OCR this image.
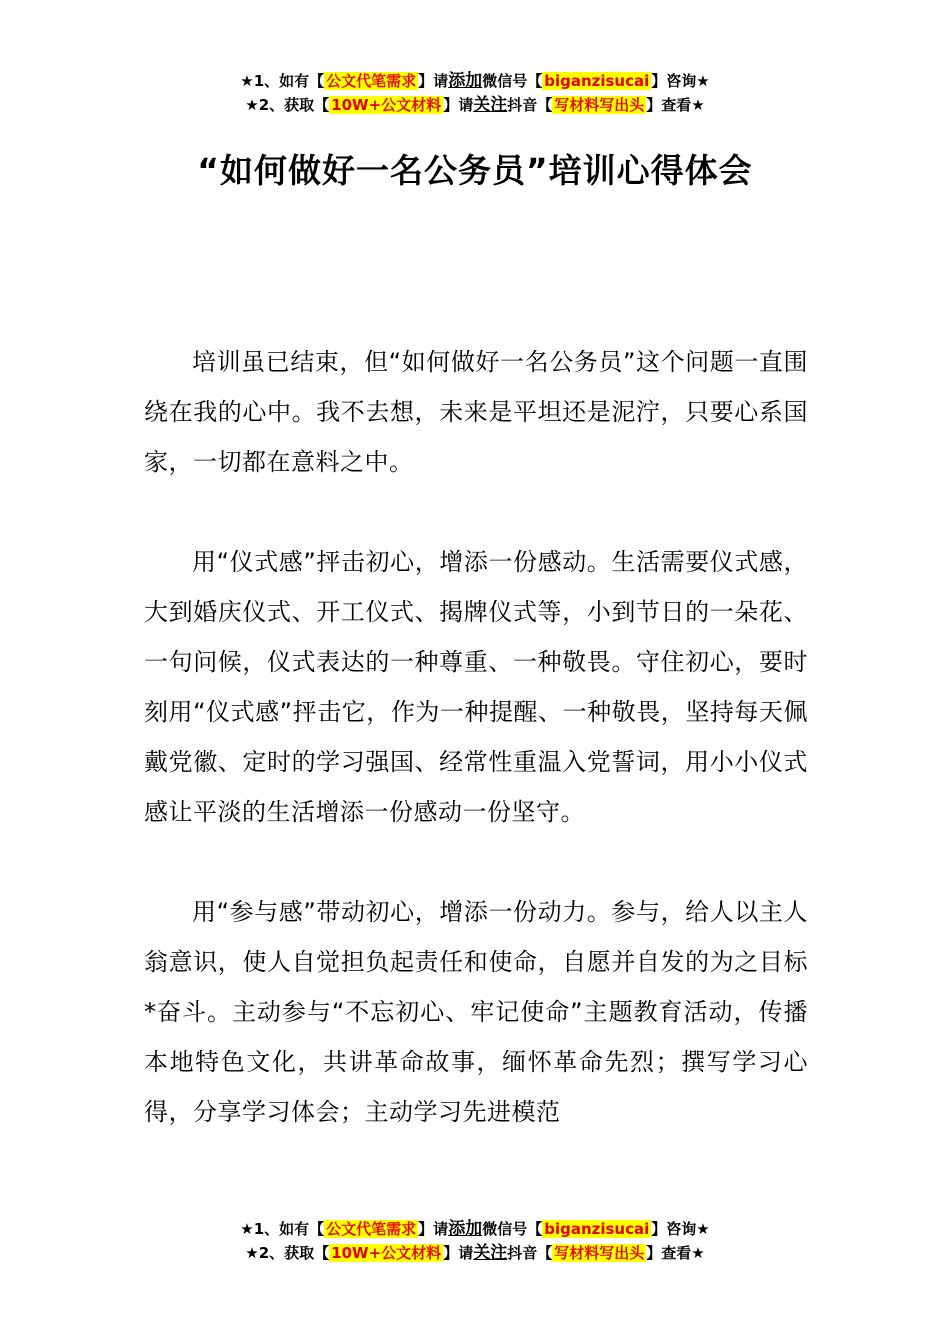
★1、如有【 公文代笔需求 】请添加微信号【 biganzisucai 】咨询★
★2、获取【 10W+公文材料 】请关注抖音【 写材料写出头 】查看★
“如何做好一名公务员”培训心得体会

培训虽已结束，但“如何做好一名公务员”这个问题一直围绕在我的心中。我不去想，未来是平坦还是泥泞，只要心系国家，一切都在意料之中。

用“仪式感”抨击初心，增添一份感动。生活需要仪式感，大到婚庆仪式、开工仪式、揭牌仪式等，小到节日的一朵花、一句问候，仪式表达的一种尊重、一种敬畏。守住初心，要时刻用“仪式感”抨击它，作为一种提醒、一种敬畏，坚持每天佩戴党徽、定时的学习强国、经常性重温入党誓词，用小小仪式感让平淡的生活增添一份感动一份坚守。

用“参与感”带动初心，增添一份动力。参与，给人以主人翁意识，使人自觉担负起责任和使命，自愿并自发的为之目标*奋斗。主动参与“不忘初心、牢记使命”主题教育活动，传播本地特色文化，共讲革命故事，缅怀革命先烈；撰写学习心得，分享学习体会；主动学习先进模范

★1、如有【 公文代笔需求 】请添加微信号【 biganzisucai 】咨询★
★2、获取【 10W+公文材料 】请关注抖音【 写材料写出头 】查看★
